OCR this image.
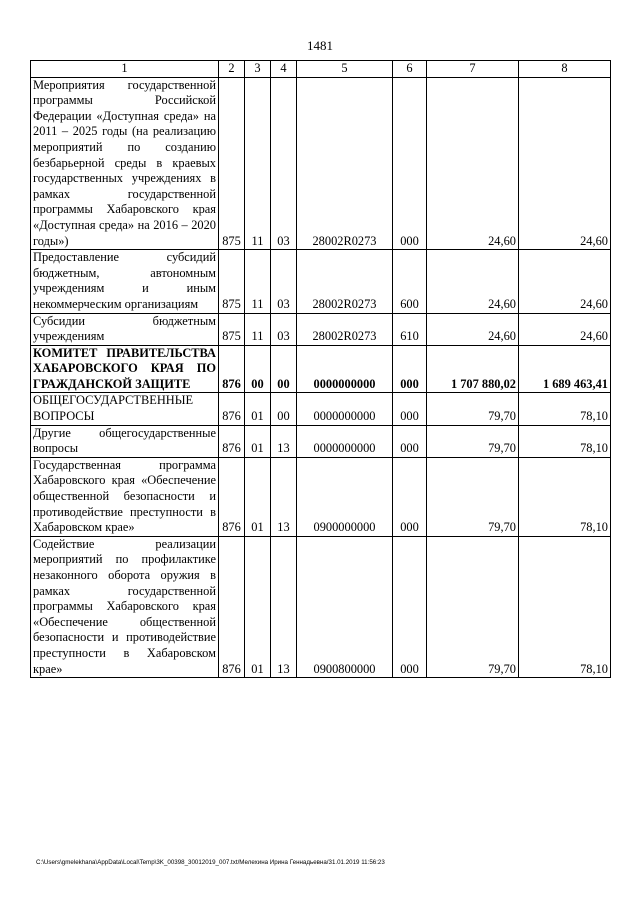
1481
1	2	3	4	5	6	7	8
Мероприятия государственной программы Российской Федерации «Доступная среда» на 2011 – 2025 годы (на реализацию мероприятий по созданию безбарьерной среды в краевых государственных учреждениях в рамках государственной программы Хабаровского края «Доступная среда» на 2016 – 2020 годы»)	875	11	03	28002R0273	000	24,60	24,60
Предоставление субсидий бюджетным, автономным учреждениям и иным некоммерческим организациям	875	11	03	28002R0273	600	24,60	24,60
Субсидии бюджетным учреждениям	875	11	03	28002R0273	610	24,60	24,60
КОМИТЕТ ПРАВИТЕЛЬСТВА ХАБАРОВСКОГО КРАЯ ПО ГРАЖДАНСКОЙ ЗАЩИТЕ	876	00	00	0000000000	000	1 707 880,02	1 689 463,41
ОБЩЕГОСУДАРСТВЕННЫЕ ВОПРОСЫ	876	01	00	0000000000	000	79,70	78,10
Другие общегосударственные вопросы	876	01	13	0000000000	000	79,70	78,10
Государственная программа Хабаровского края «Обеспечение общественной безопасности и противодействие преступности в Хабаровском крае»	876	01	13	0900000000	000	79,70	78,10
Содействие реализации мероприятий по профилактике незаконного оборота оружия в рамках государственной программы Хабаровского края «Обеспечение общественной безопасности и противодействие преступности в Хабаровском крае»	876	01	13	0900800000	000	79,70	78,10
C:\Users\gmelekhana\AppData\Local\Temp\3K_00398_30012019_007.txt/Мелехина Ирина Геннадьевна/31.01.2019 11:56:23
